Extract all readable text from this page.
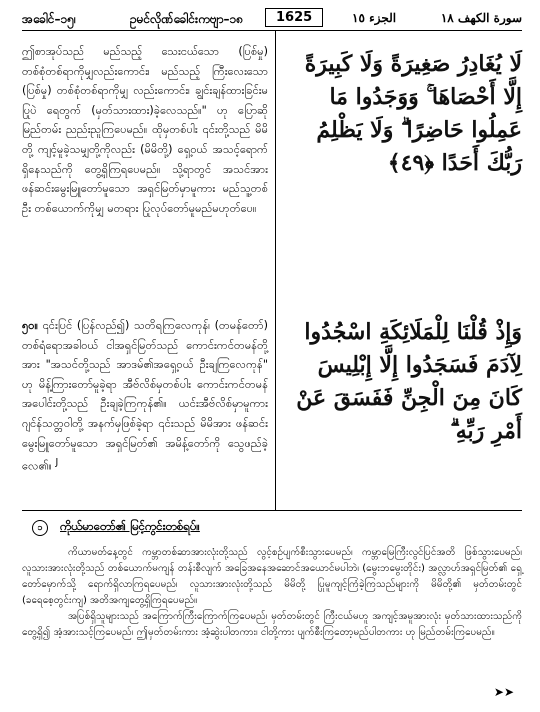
အခေါင်–၁၅၊	ဥမင်လိုဏ်ခေါင်းကဗျာ–၁၈	1625	الجزء ١٥	سورة الكهف ١٨
ဤစာအုပ်သည် မည်သည့် သေးငယ်သော (ပြစ်မှု) တစ်စုံတစ်ရာကိုမျှလည်းကောင်း၊ မည်သည့် ကြီးလေးသော (ပြစ်မှု) တစ်စုံတစ်ရာကိုမျှ လည်းကောင်း၊ ချွင်းချန်ထားခြင်းမပြုပဲ ရေတွက် (မှတ်သားထား)ခဲ့လေသည်။" ဟု ပြောဆိုမြည်တမ်း ညည်းညူကြပေမည်။ ထိုမှတစ်ပါး ၎င်းတို့သည် မိမိတို့ ကျင့်မူခဲ့သမျှတို့ကိုလည်း (မိမိတို့) ရှေ့ဝယ် အသင့်ရောက်ရှိနေသည်ကို တွေ့ရှိကြရပေမည်။ သို့ရာတွင် အသင်အား ဖန်ဆင်းမွေးမြူတော်မူသော အရှင်မြတ်မှာမူကား မည်သူ့တစ်ဦး တစ်ယောက်ကိုမျှ မတရား ပြုလုပ်တော်မူမည်မဟုတ်ပေ။
لَا يُغَادِرُ صَغِيرَةً وَلَا كَبِيرَةً إِلَّا أَحْصَاهَا ۚ وَوَجَدُوا مَا عَمِلُوا حَاضِرًا ۗ وَلَا يَظْلِمُ رَبُّكَ أَحَدًا ﴿٤٩﴾
၅၀။ ၎င်းပြင် (ပြန်လည်၍) သတိရကြလေကုန်၊ (တမန်တော်) တစ်ရံရောအခါဝယ် ငါအရှင်မြတ်သည် ကောင်းကင်တမန်တို့အား "အသင်တို့သည် အာဒမ်၏အရှေ့ဝယ် ဦးချကြလေကုန်" ဟု မိန့်ကြားတော်မူခဲ့ရာ အီဗ်လိစ်မှတစ်ပါး ကောင်းကင်တမန်အပေါင်းတို့သည် ဦးချခဲ့ကြကုန်၏။ ယင်းအီဗ်လိစ်မှာမူကား ဂျင်န်သတ္တဝါတို့ အနက်မှဖြစ်ခဲ့ရာ ၎င်းသည် မိမိအား ဖန်ဆင်းမွေးမြူတော်မူသော အရှင်မြတ်၏ အမိန့်တော်ကို သွေဖည်ခဲ့လေ၏။ $^J$
وَإِذْ قُلْنَا لِلْمَلَائِكَةِ اسْجُدُوا لِآدَمَ فَسَجَدُوا إِلَّا إِبْلِيسَ كَانَ مِنَ الْجِنِّ فَفَسَقَ عَنْ أَمْرِ رَبِّهِ ۗ
၁ ကိုယ်မာတော်၏ မြင့်ကွင်းတစ်ရပ်။

ကိယာမတ်နေ့တွင် ကမ္ဘာတစ်ဆာအားလုံးတို့သည် လွင့်စဉ်ပျက်စီးသွားပေမည်၊ ကမ္ဘာမြေကြီးလွင်ပြင်အတိ ဖြစ်သွားပေမည်၊ လူသားအားလုံးတို့သည် တစ်ယောက်မကျန် တန်းစီလျက် အခြေအနေအဆောင်အယောင်မပါဘဲ၊ (မွေးဘမွေးတိုင်း) အလ္လာဟ်အရှင်မြတ်၏ ရှေ့တော်မှောက်သို့ ရောက်ရှိလာကြရပေမည်၊ လူသားအားလုံးတို့သည် မိမိတို့ ပြုမူကျင့်ကြံခဲ့ကြသည်များကို မိမိတို့၏ မှတ်တမ်းတွင် (ခရေစေ့တွင်းကျ) အတိအကျတွေ့ရှိကြရပေမည်။

အပြစ်ရှိသူများသည် အကြောက်ကြီးကြောက်ကြပေမည်၊ မှတ်တမ်းတွင် ကြီးငယ်မဟူ အကျင့်အမူအားလုံး မှတ်သားထားသည်ကို တွေ့ရှိ၍ အံ့အားသင့်ကြပေမည်၊ ဤမှတ်တမ်းကား အံ့ဆွဲးပါတကား၊ ငါတို့ကား ပျက်စီးကြတော့မည်ပါတကား ဟု မြည်တမ်းကြပေမည်။

➤➤
